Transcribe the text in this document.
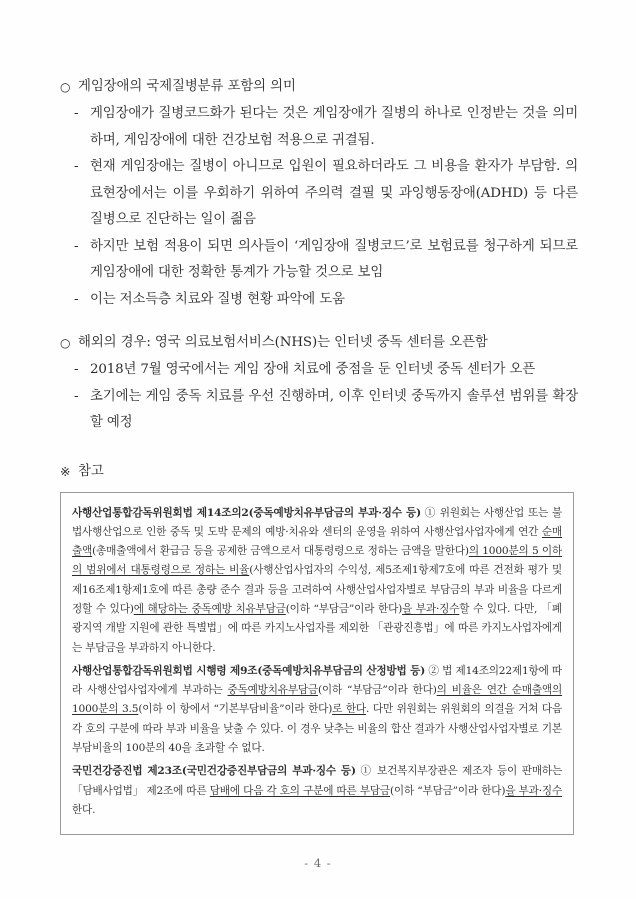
○ 게임장애의 국제질병분류 포함의 의미
- 게임장애가 질병코드화가 된다는 것은 게임장애가 질병의 하나로 인정받는 것을 의미하며, 게임장애에 대한 건강보험 적용으로 귀결됨.
- 현재 게임장애는 질병이 아니므로 입원이 필요하더라도 그 비용을 환자가 부담함. 의료현장에서는 이를 우회하기 위하여 주의력 결필 및 과잉행동장애(ADHD) 등 다른 질병으로 진단하는 일이 즮음
- 하지만 보험 적용이 되면 의사들이 ‘게임장애 질병코드’로 보험료를 청구하게 되므로 게임장애에 대한 정확한 통계가 가능할 것으로 보임
- 이는 저소득층 치료와 질병 현황 파악에 도움
○ 해외의 경우: 영국 의료보험서비스(NHS)는 인터넷 중독 센터를 오픈함
- 2018년 7월 영국에서는 게임 장애 치료에 중점을 둔 인터넷 중독 센터가 오픈
- 초기에는 게임 중독 치료를 우선 진행하며, 이후 인터넷 중독까지 솔루션 범위를 확장할 예정
※ 참고

사행산업통합감독위원회법 제14조의2(중독예방치유부담금의 부과·징수 등) ① 위원회는 사행산업 또는 불법사행산업으로 인한 중독 및 도박 문제의 예방·치유와 센터의 운영을 위하여 사행산업사업자에게 연간 순매출액(총매출액에서 환급금 등을 공제한 금액으로서 대통령령으로 정하는 금액을 말한다)의 1000분의 5 이하의 범위에서 대통령령으로 정하는 비율(사행산업사업자의 수익성, 제5조제1항제7호에 따른 건전화 평가 및 제16조제1항제1호에 따른 총량 준수 결과 등을 고려하여 사행산업사업자별로 부담금의 부과 비율을 다르게 정할 수 있다)에 해당하는 중독예방 치유부담금(이하 “부담금”이라 한다)을 부과·징수할 수 있다. 다만, 「폐광지역 개발 지원에 관한 특별법」에 따른 카지노사업자를 제외한 「관광진흥법」에 따른 카지노사업자에게는 부담금을 부과하지 아니한다.

사행산업통합감독위원회법 시행령 제9조(중독예방치유부담금의 산정방법 등) ② 법 제14조의22제1항에 따라 사행산업사업자에게 부과하는 중독예방치유부담금(이하 “부담금”이라 한다)의 비율은 연간 순매출액의 1000분의 3.5(이하 이 항에서 “기본부담비율”이라 한다)로 한다. 다만 위원회는 위원회의 의결을 거쳐 다음 각 호의 구분에 따라 부과 비율을 낮출 수 있다. 이 경우 낮추는 비율의 합산 결과가 사행산업사업자별로 기본부담비율의 100분의 40을 초과할 수 없다.

국민건강증진법 제23조(국민건강증진부담금의 부과·징수 등) ① 보건복지부장관은 제조자 등이 판매하는 「담배사업법」 제2조에 따른 담배에 다음 각 호의 구분에 따른 부담금(이하 “부담금”이라 한다)을 부과·징수한다.

- 4 -
